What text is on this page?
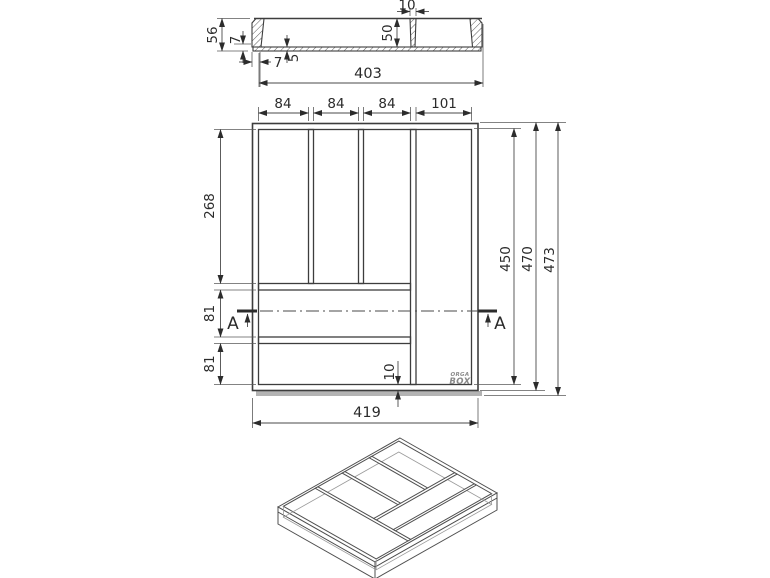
56 7
5
7
50
10
403
ORGA
BOX
A	A
84	84	84	101
268
81
81
450 470 473
10
419
